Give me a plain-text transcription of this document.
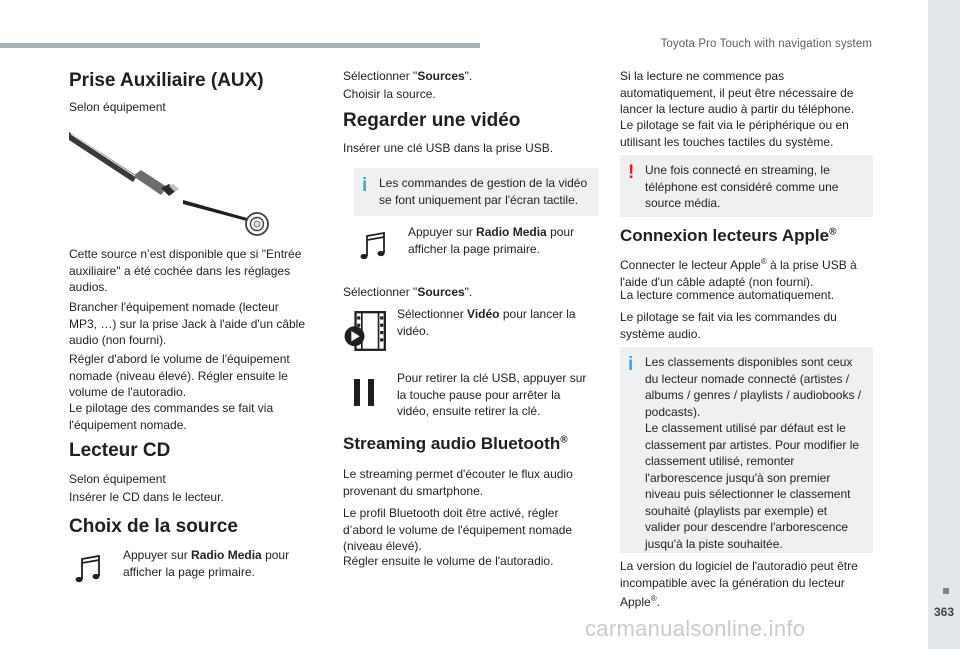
Toyota Pro Touch with navigation system
363
Prise Auxiliaire (AUX)
Selon équipement
Cette source n’est disponible que si "Entrée auxiliaire" a été cochée dans les réglages audios.
Brancher l'équipement nomade (lecteur MP3, …) sur la prise Jack à l'aide d'un câble audio (non fourni).
Régler d'abord le volume de l'équipement nomade (niveau élevé). Régler ensuite le volume de l'autoradio.
Le pilotage des commandes se fait via l'équipement nomade.
Lecteur CD
Selon équipement
Insérer le CD dans le lecteur.
Choix de la source
Appuyer sur Radio Media pour afficher la page primaire.
Sélectionner "Sources".
Choisir la source.
Regarder une vidéo
Insérer une clé USB dans la prise USB.
i Les commandes de gestion de la vidéo se font uniquement par l'écran tactile.
Appuyer sur Radio Media pour afficher la page primaire.
Sélectionner "Sources".
Sélectionner Vidéo pour lancer la vidéo.
Pour retirer la clé USB, appuyer sur la touche pause pour arrêter la vidéo, ensuite retirer la clé.
Streaming audio Bluetooth®
Le streaming permet d'écouter le flux audio provenant du smartphone.
Le profil Bluetooth doit être activé, régler d’abord le volume de l'équipement nomade (niveau élevé).
Régler ensuite le volume de l'autoradio.
Si la lecture ne commence pas automatiquement, il peut être nécessaire de lancer la lecture audio à partir du téléphone.
Le pilotage se fait via le périphérique ou en utilisant les touches tactiles du système.
! Une fois connecté en streaming, le téléphone est considéré comme une source média.
Connexion lecteurs Apple®
Connecter le lecteur Apple® à la prise USB à l'aide d'un câble adapté (non fourni).
La lecture commence automatiquement.
Le pilotage se fait via les commandes du système audio.
i Les classements disponibles sont ceux du lecteur nomade connecté (artistes / albums / genres / playlists / audiobooks / podcasts).
Le classement utilisé par défaut est le classement par artistes. Pour modifier le classement utilisé, remonter l'arborescence jusqu'à son premier niveau puis sélectionner le classement souhaité (playlists par exemple) et valider pour descendre l'arborescence jusqu'à la piste souhaitée.
La version du logiciel de l'autoradio peut être incompatible avec la génération du lecteur Apple®.
carmanualsonline.info
